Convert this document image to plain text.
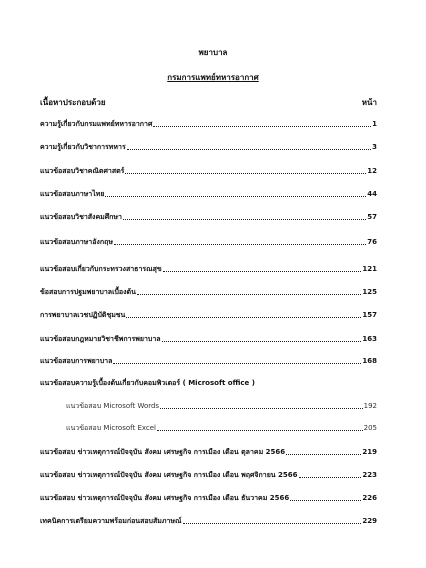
พยาบาล
กรมการแพทย์ทหารอากาศ
เนื้อหาประกอบด้วย	หน้า
ความรู้เกี่ยวกับกรมแพทย์ทหารอากาศ	1
ความรู้เกี่ยวกับวิชาการทหาร	3
แนวข้อสอบวิชาคณิตศาสตร์	12
แนวข้อสอบภาษาไทย	44
แนวข้อสอบวิชาสังคมศึกษา	57
แนวข้อสอบภาษาอังกฤษ	76
แนวข้อสอบเกี่ยวกับกระทรวงสาธารณสุข	121
ข้อสอบการปฐมพยาบาลเบื้องต้น	125
การพยาบาลเวชปฏิบัติชุมชน	157
แนวข้อสอบกฎหมายวิชาชีพการพยาบาล	163
แนวข้อสอบการพยาบาล	168
แนวข้อสอบความรู้เบื้องต้นเกี่ยวกับคอมพิวเตอร์ ( Microsoft office )
แนวข้อสอบ Microsoft Words	192
แนวข้อสอบ Microsoft Excel	205
แนวข้อสอบ ข่าวเหตุการณ์ปัจจุบัน สังคม เศรษฐกิจ การเมือง เดือน ตุลาคม 2566	219
แนวข้อสอบ ข่าวเหตุการณ์ปัจจุบัน สังคม เศรษฐกิจ การเมือง เดือน พฤศจิกายน 2566	223
แนวข้อสอบ ข่าวเหตุการณ์ปัจจุบัน สังคม เศรษฐกิจ การเมือง เดือน ธันวาคม 2566	226
เทคนิคการเตรียมความพร้อมก่อนสอบสัมภาษณ์	229
